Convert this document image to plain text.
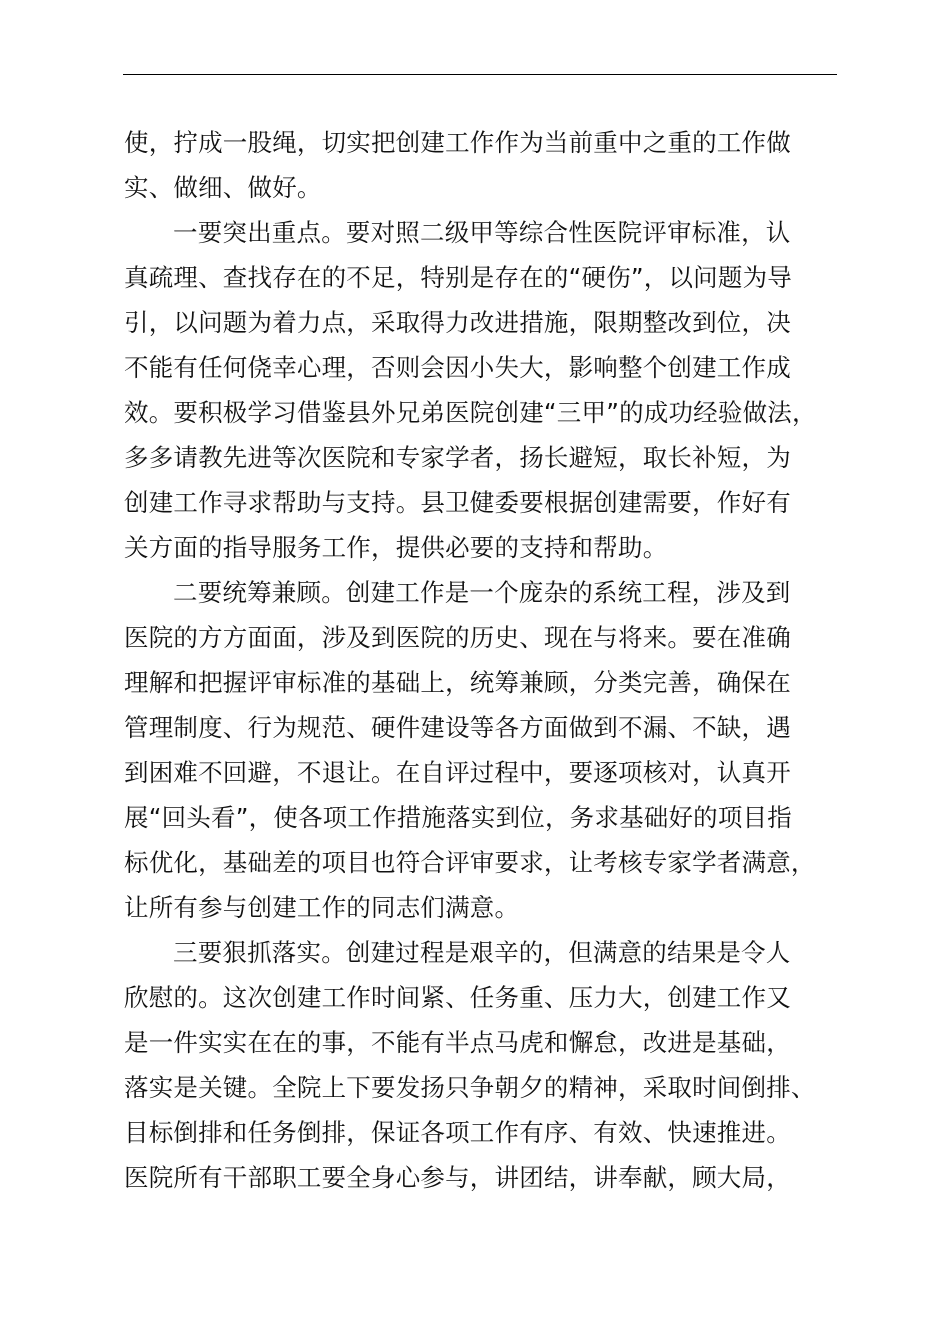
使，拧成一股绳，切实把创建工作作为当前重中之重的工作做
实、做细、做好。
一要突出重点。要对照二级甲等综合性医院评审标准，认
真疏理、查找存在的不足，特别是存在的“硬伤”，以问题为导
引，以问题为着力点，采取得力改进措施，限期整改到位，决
不能有任何侥幸心理，否则会因小失大，影响整个创建工作成
效。要积极学习借鉴县外兄弟医院创建“三甲”的成功经验做法，
多多请教先进等次医院和专家学者，扬长避短，取长补短，为
创建工作寻求帮助与支持。县卫健委要根据创建需要，作好有
关方面的指导服务工作，提供必要的支持和帮助。
二要统筹兼顾。创建工作是一个庞杂的系统工程，涉及到
医院的方方面面，涉及到医院的历史、现在与将来。要在准确
理解和把握评审标准的基础上，统筹兼顾，分类完善，确保在
管理制度、行为规范、硬件建设等各方面做到不漏、不缺，遇
到困难不回避，不退让。在自评过程中，要逐项核对，认真开
展“回头看”，使各项工作措施落实到位，务求基础好的项目指
标优化，基础差的项目也符合评审要求，让考核专家学者满意，
让所有参与创建工作的同志们满意。
三要狠抓落实。创建过程是艰辛的，但满意的结果是令人
欣慰的。这次创建工作时间紧、任务重、压力大，创建工作又
是一件实实在在的事，不能有半点马虎和懈怠，改进是基础，
落实是关键。全院上下要发扬只争朝夕的精神，采取时间倒排、
目标倒排和任务倒排，保证各项工作有序、有效、快速推进。
医院所有干部职工要全身心参与，讲团结，讲奉献，顾大局，
